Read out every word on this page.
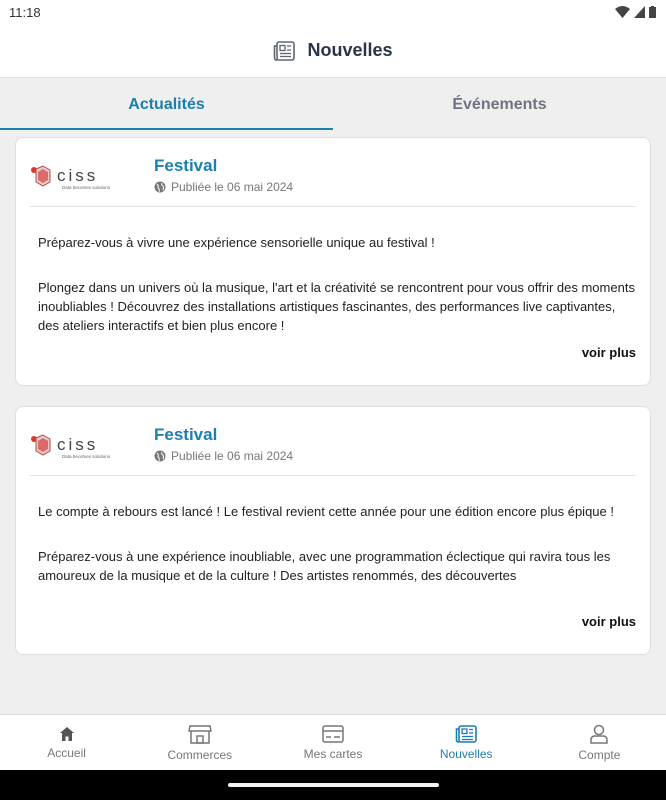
11:18
Nouvelles
Actualités	Événements
ciss
Data becomes solutions
Festival
Publiée le 06 mai 2024

Préparez-vous à vivre une expérience sensorielle unique au festival !

Plongez dans un univers où la musique, l'art et la créativité se rencontrent pour vous offrir des moments inoubliables ! Découvrez des installations artistiques fascinantes, des performances live captivantes, des ateliers interactifs et bien plus encore !

voir plus
ciss
Data becomes solutions
Festival
Publiée le 06 mai 2024

Le compte à rebours est lancé ! Le festival revient cette année pour une édition encore plus épique !

Préparez-vous à une expérience inoubliable, avec une programmation éclectique qui ravira tous les amoureux de la musique et de la culture ! Des artistes renommés, des découvertes

voir plus
Accueil	Commerces	Mes cartes	Nouvelles	Compte
